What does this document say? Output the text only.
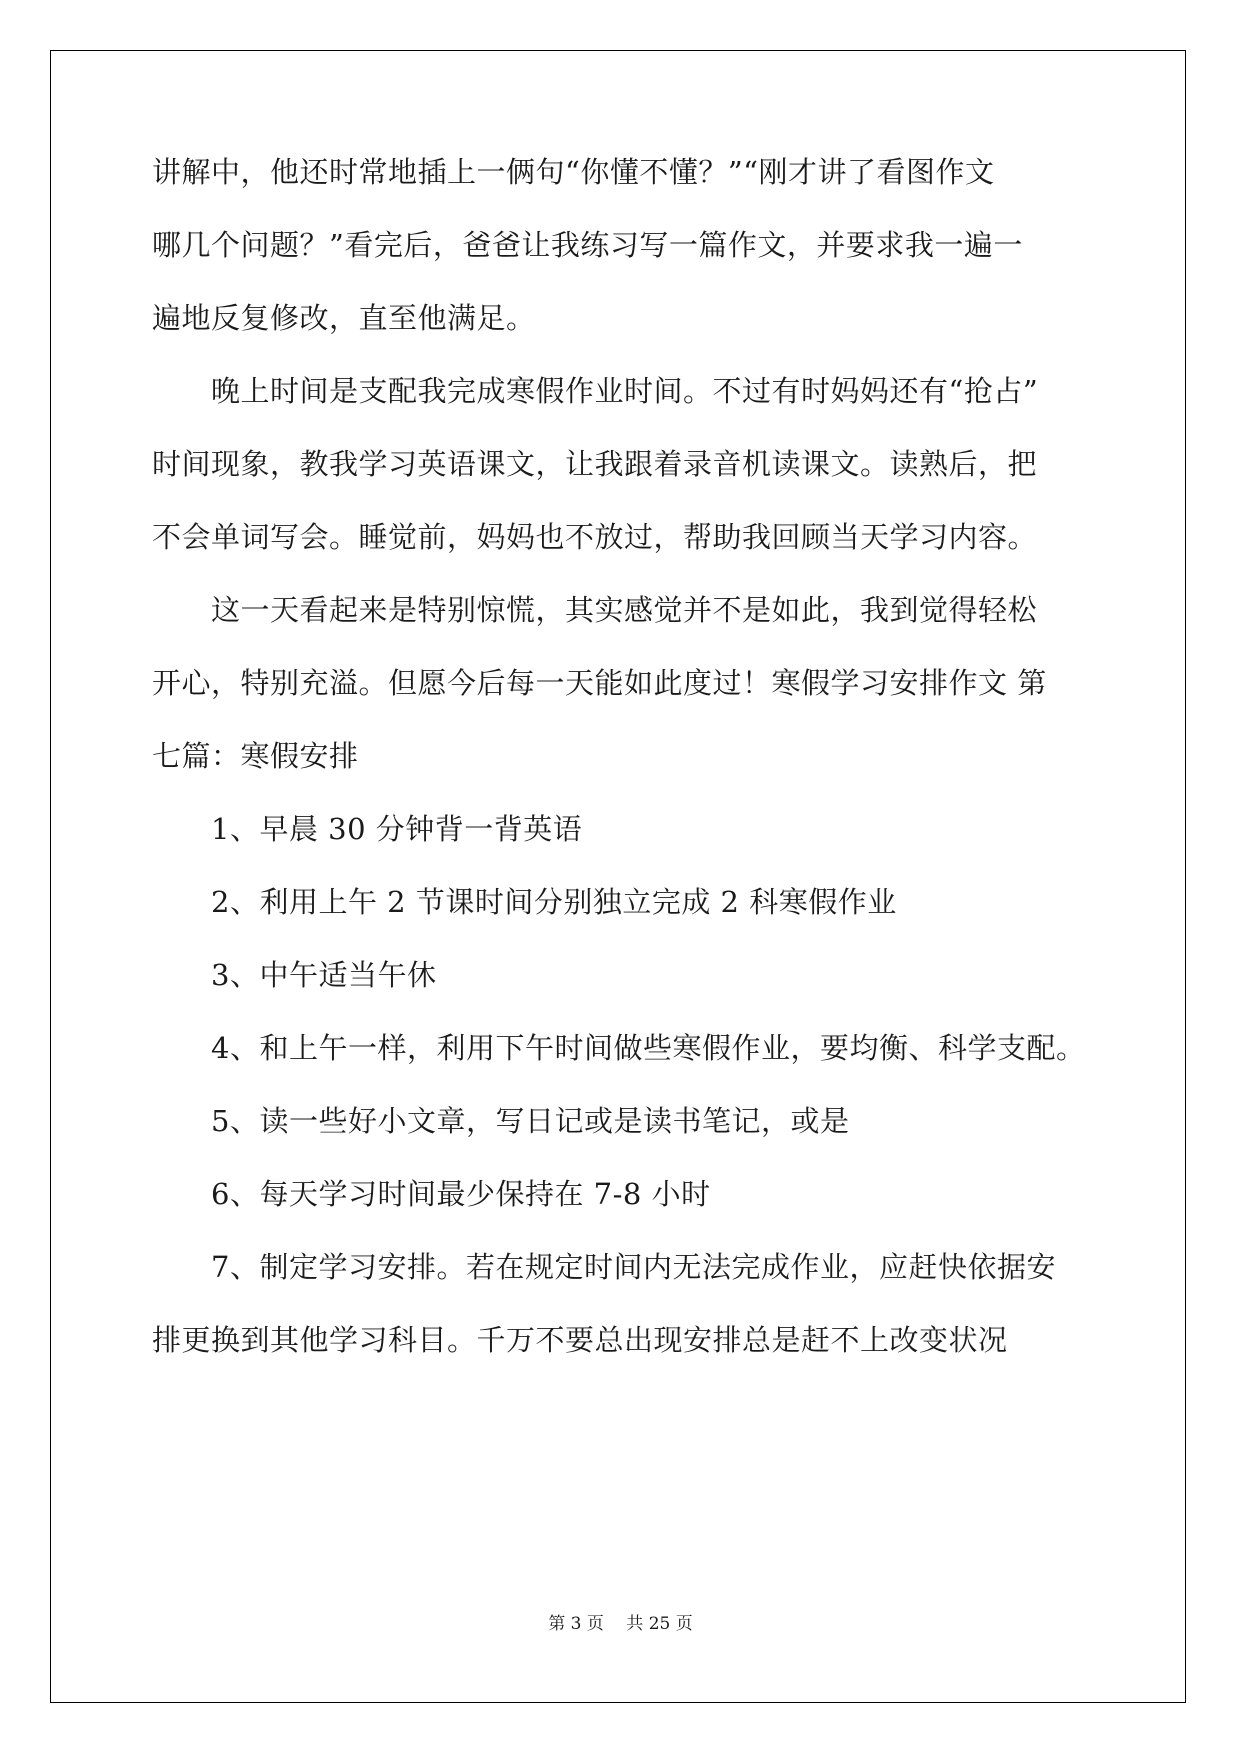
讲解中，他还时常地插上一俩句“你懂不懂？”“刚才讲了看图作文
哪几个问题？”看完后，爸爸让我练习写一篇作文，并要求我一遍一
遍地反复修改，直至他满足。
　　晚上时间是支配我完成寒假作业时间。不过有时妈妈还有“抢占”
时间现象，教我学习英语课文，让我跟着录音机读课文。读熟后，把
不会单词写会。睡觉前，妈妈也不放过，帮助我回顾当天学习内容。
　　这一天看起来是特别惊慌，其实感觉并不是如此，我到觉得轻松
开心，特别充溢。但愿今后每一天能如此度过！寒假学习安排作文 第
七篇：寒假安排
　　1、早晨 30 分钟背一背英语
　　2、利用上午 2 节课时间分别独立完成 2 科寒假作业
　　3、中午适当午休
　　4、和上午一样，利用下午时间做些寒假作业，要均衡、科学支配。
　　5、读一些好小文章，写日记或是读书笔记，或是
　　6、每天学习时间最少保持在 7-8 小时
　　7、制定学习安排。若在规定时间内无法完成作业，应赶快依据安
排更换到其他学习科目。千万不要总出现安排总是赶不上改变状况
第 3 页　 共 25 页
